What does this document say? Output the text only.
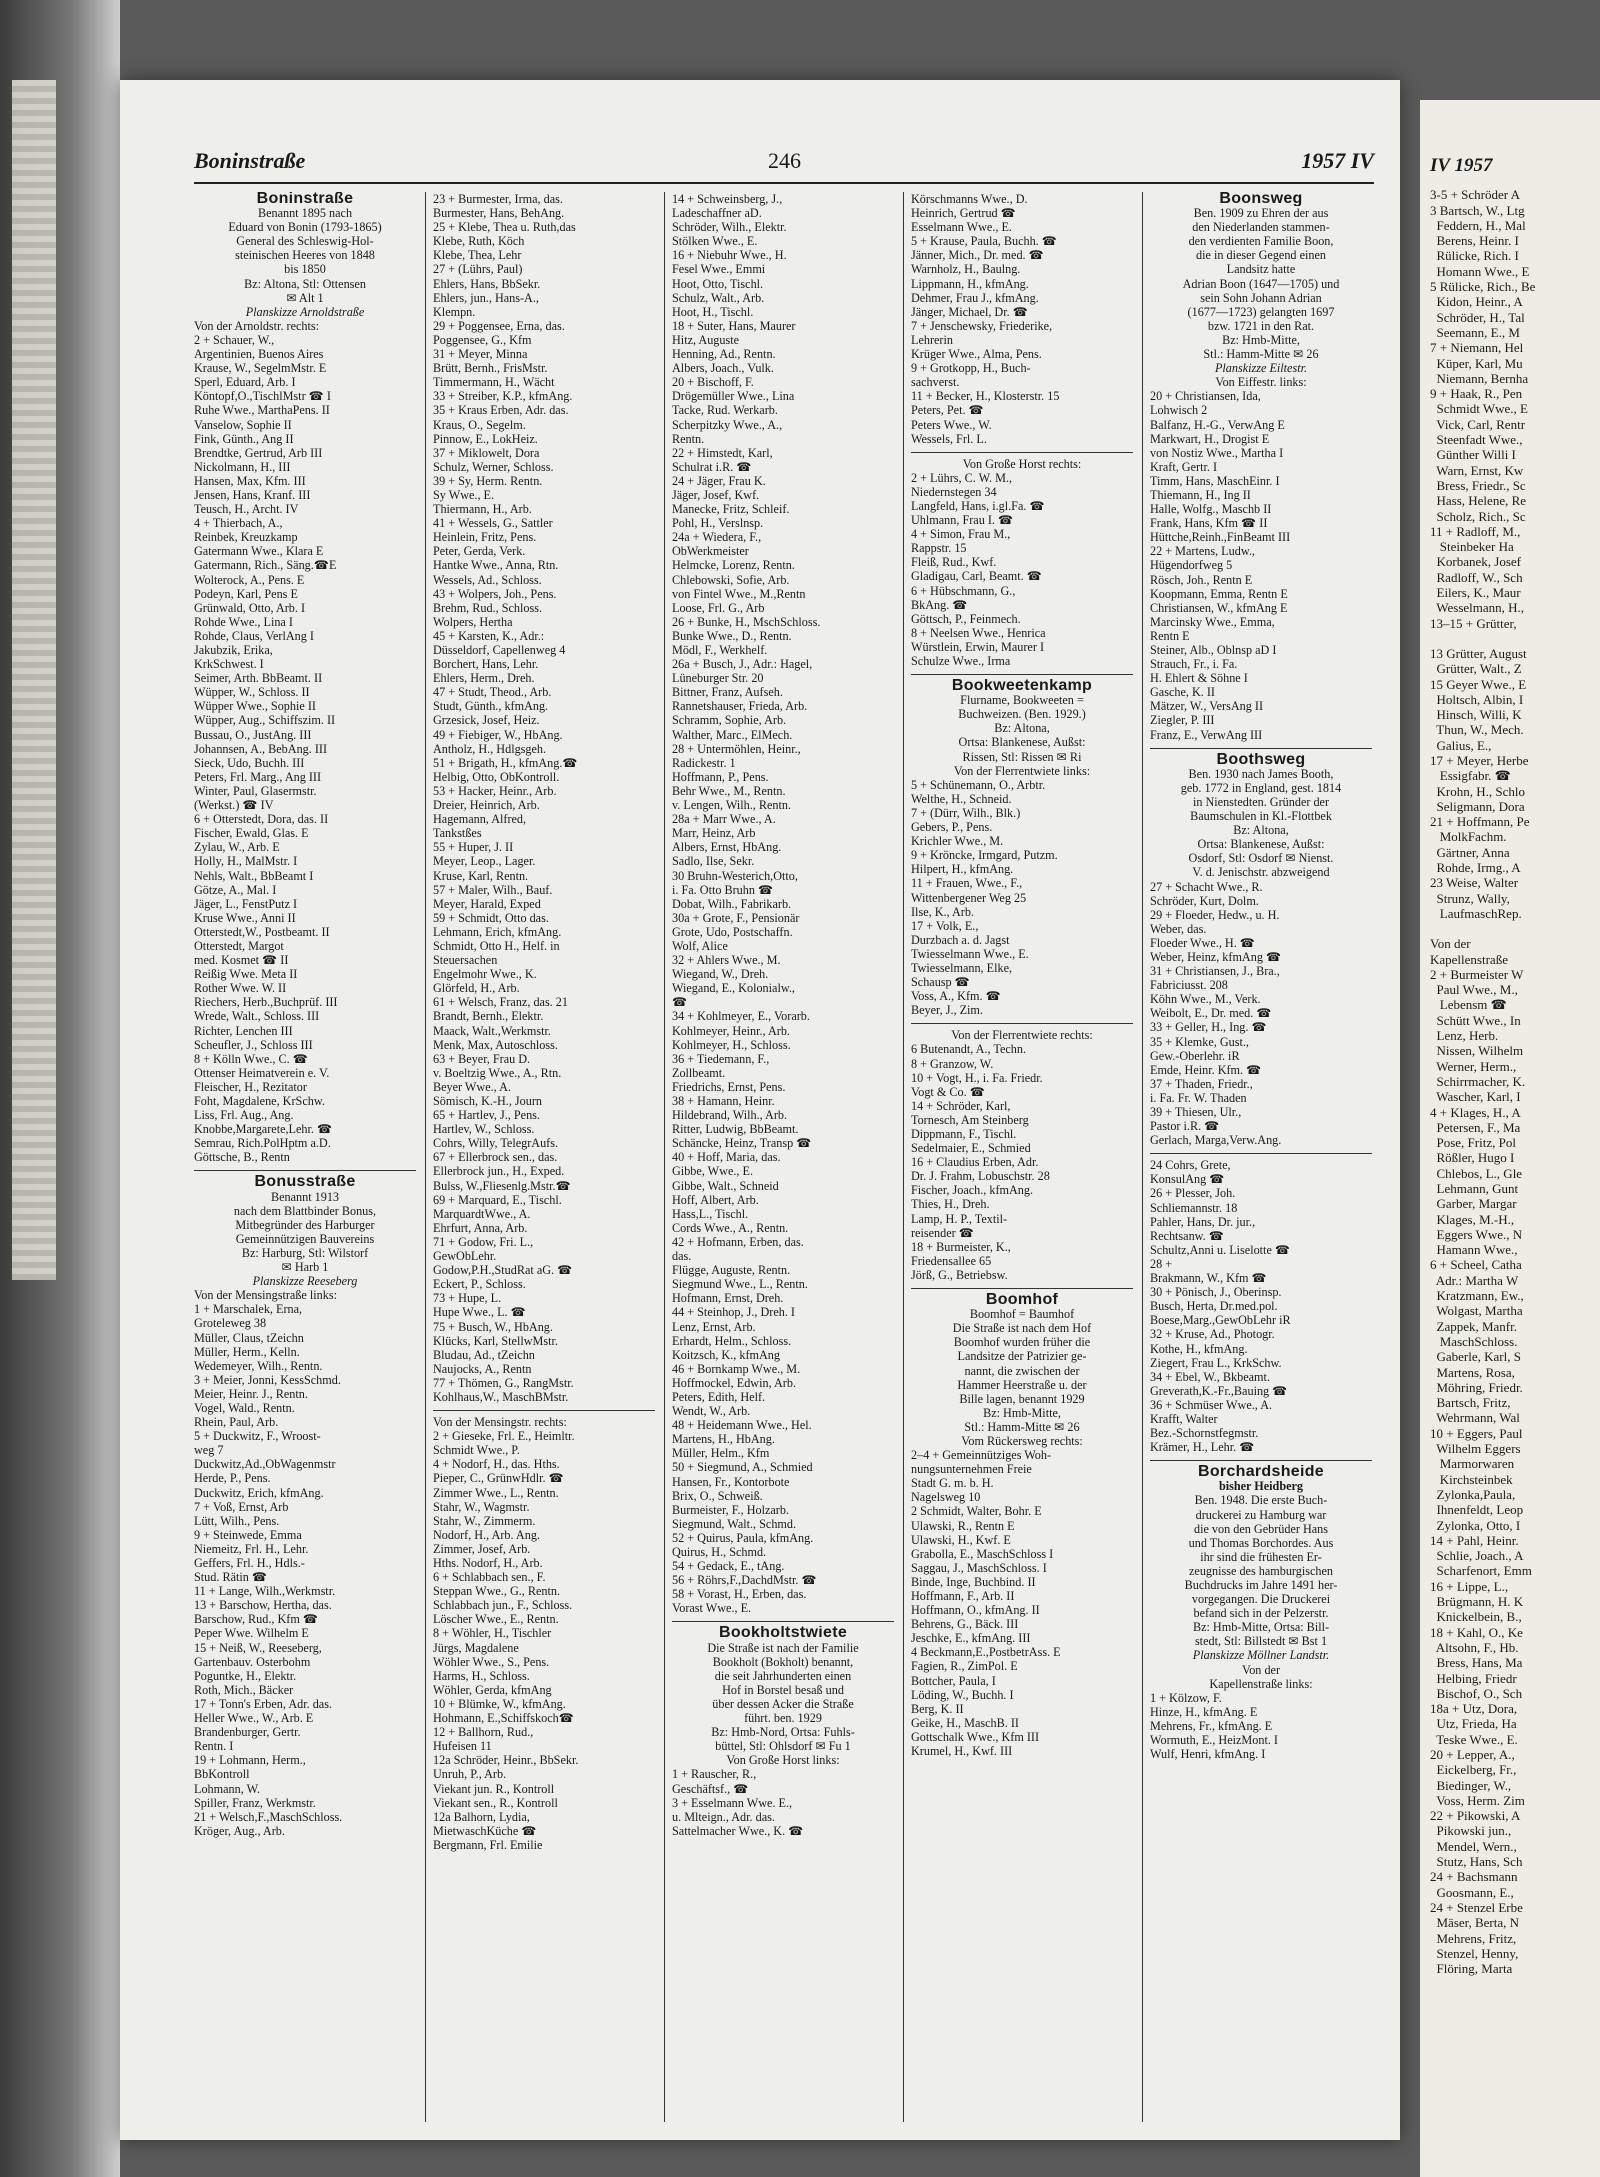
Boninstraße	246	1957 IV

Boninstraße

Benannt 1895 nach

Eduard von Bonin (1793-1865)

General des Schleswig-Hol-

steinischen Heeres von 1848

bis 1850

Bz: Altona, Stl: Ottensen

✉ Alt 1

Planskizze Arnoldstraße

Von der Arnoldstr. rechts:

2 + Schauer, W.,

Argentinien, Buenos Aires

Krause, W., SegelmMstr. E

Sperl, Eduard, Arb. I

Köntopf,O.,TischlMstr ☎ I

Ruhe Wwe., MarthaPens. II

Vanselow, Sophie II

Fink, Günth., Ang II

Brendtke, Gertrud, Arb III

Nickolmann, H., III

Hansen, Max, Kfm. III

Jensen, Hans, Kranf. III

Teusch, H., Archt. IV

4 + Thierbach, A.,

Reinbek, Kreuzkamp

Gatermann Wwe., Klara E

Gatermann, Rich., Säng.☎E

Wolterock, A., Pens. E

Podeyn, Karl, Pens E

Grünwald, Otto, Arb. I

Rohde Wwe., Lina I

Rohde, Claus, VerlAng I

Jakubzik, Erika,

KrkSchwest. I

Seimer, Arth. BbBeamt. II

Wüpper, W., Schloss. II

Wüpper Wwe., Sophie II

Wüpper, Aug., Schiffszim. II

Bussau, O., JustAng. III

Johannsen, A., BebAng. III

Sieck, Udo, Buchh. III

Peters, Frl. Marg., Ang III

Winter, Paul, Glasermstr.

(Werkst.) ☎ IV

6 + Otterstedt, Dora, das. II

Fischer, Ewald, Glas. E

Zylau, W., Arb. E

Holly, H., MalMstr. I

Nehls, Walt., BbBeamt I

Götze, A., Mal. I

Jäger, L., FenstPutz I

Kruse Wwe., Anni II

Otterstedt,W., Postbeamt. II

Otterstedt, Margot

med. Kosmet ☎ II

Reißig Wwe. Meta II

Rother Wwe. W. II

Riechers, Herb.,Buchprüf. III

Wrede, Walt., Schloss. III

Richter, Lenchen III

Scheufler, J., Schloss III

8 + Kölln Wwe., C. ☎

Ottenser Heimatverein e. V.

Fleischer, H., Rezitator

Foht, Magdalene, KrSchw.

Liss, Frl. Aug., Ang.

Knobbe,Margarete,Lehr. ☎

Semrau, Rich.PolHptm a.D.

Göttsche, B., Rentn

Bonusstraße

Benannt 1913

nach dem Blattbinder Bonus,

Mitbegründer des Harburger

Gemeinnützigen Bauvereins

Bz: Harburg, Stl: Wilstorf

✉ Harb 1

Planskizze Reeseberg

Von der Mensingstraße links:

1 + Marschalek, Erna,

Groteleweg 38

Müller, Claus, tZeichn

Müller, Herm., Kelln.

Wedemeyer, Wilh., Rentn.

3 + Meier, Jonni, KessSchmd.

Meier, Heinr. J., Rentn.

Vogel, Wald., Rentn.

Rhein, Paul, Arb.

5 + Duckwitz, F., Wroost-

weg 7

Duckwitz,Ad.,ObWagenmstr

Herde, P., Pens.

Duckwitz, Erich, kfmAng.

7 + Voß, Ernst, Arb

Lütt, Wilh., Pens.

9 + Steinwede, Emma

Niemeitz, Frl. H., Lehr.

Geffers, Frl. H., Hdls.-

Stud. Rätin ☎

11 + Lange, Wilh.,Werkmstr.

13 + Barschow, Hertha, das.

Barschow, Rud., Kfm ☎

Peper Wwe. Wilhelm E

15 + Neiß, W., Reeseberg,

Gartenbauv. Osterbohm

Poguntke, H., Elektr.

Roth, Mich., Bäcker

17 + Tonn's Erben, Adr. das.

Heller Wwe., W., Arb. E

Brandenburger, Gertr.

Rentn. I

19 + Lohmann, Herm.,

BbKontroll

Lohmann, W.

Spiller, Franz, Werkmstr.

21 + Welsch,F.,MaschSchloss.

Kröger, Aug., Arb.

23 + Burmester, Irma, das.

Burmester, Hans, BehAng.

25 + Klebe, Thea u. Ruth,das

Klebe, Ruth, Köch

Klebe, Thea, Lehr

27 + (Lührs, Paul)

Ehlers, Hans, BbSekr.

Ehlers, jun., Hans-A.,

Klempn.

29 + Poggensee, Erna, das.

Poggensee, G., Kfm

31 + Meyer, Minna

Brütt, Bernh., FrisMstr.

Timmermann, H., Wächt

33 + Streiber, K.P., kfmAng.

35 + Kraus Erben, Adr. das.

Kraus, O., Segelm.

Pinnow, E., LokHeiz.

37 + Miklowelt, Dora

Schulz, Werner, Schloss.

39 + Sy, Herm. Rentn.

Sy Wwe., E.

Thiermann, H., Arb.

41 + Wessels, G., Sattler

Heinlein, Fritz, Pens.

Peter, Gerda, Verk.

Hantke Wwe., Anna, Rtn.

Wessels, Ad., Schloss.

43 + Wolpers, Joh., Pens.

Brehm, Rud., Schloss.

Wolpers, Hertha

45 + Karsten, K., Adr.:

Düsseldorf, Capellenweg 4

Borchert, Hans, Lehr.

Ehlers, Herm., Dreh.

47 + Studt, Theod., Arb.

Studt, Günth., kfmAng.

Grzesick, Josef, Heiz.

49 + Fiebiger, W., HbAng.

Antholz, H., Hdlgsgeh.

51 + Brigath, H., kfmAng.☎

Helbig, Otto, ObKontroll.

53 + Hacker, Heinr., Arb.

Dreier, Heinrich, Arb.

Hagemann, Alfred,

Tankstßes

55 + Huper, J. II

Meyer, Leop., Lager.

Kruse, Karl, Rentn.

57 + Maler, Wilh., Bauf.

Meyer, Harald, Exped

59 + Schmidt, Otto das.

Lehmann, Erich, kfmAng.

Schmidt, Otto H., Helf. in

Steuersachen

Engelmohr Wwe., K.

Glörfeld, H., Arb.

61 + Welsch, Franz, das. 21

Brandt, Bernh., Elektr.

Maack, Walt.,Werkmstr.

Menk, Max, Autoschloss.

63 + Beyer, Frau D.

v. Boeltzig Wwe., A., Rtn.

Beyer Wwe., A.

Sömisch, K.-H., Journ

65 + Hartlev, J., Pens.

Hartlev, W., Schloss.

Cohrs, Willy, TelegrAufs.

67 + Ellerbrock sen., das.

Ellerbrock jun., H., Exped.

Bulss, W.,Fliesenlg.Mstr.☎

69 + Marquard, E., Tischl.

MarquardtWwe., A.

Ehrfurt, Anna, Arb.

71 + Godow, Fri. L.,

GewObLehr.

Godow,P.H.,StudRat aG. ☎

Eckert, P., Schloss.

73 + Hupe, L.

Hupe Wwe., L. ☎

75 + Busch, W., HbAng.

Klücks, Karl, StellwMstr.

Bludau, Ad., tZeichn

Naujocks, A., Rentn

77 + Thömen, G., RangMstr.

Kohlhaus,W., MaschBMstr.

Von der Mensingstr. rechts:

2 + Gieseke, Frl. E., Heimltr.

Schmidt Wwe., P.

4 + Nodorf, H., das. Hths.

Pieper, C., GrünwHdlr. ☎

Zimmer Wwe., L., Rentn.

Stahr, W., Wagmstr.

Stahr, W., Zimmerm.

Nodorf, H., Arb. Ang.

Zimmer, Josef, Arb.

Hths. Nodorf, H., Arb.

6 + Schlabbach sen., F.

Steppan Wwe., G., Rentn.

Schlabbach jun., F., Schloss.

Löscher Wwe., E., Rentn.

8 + Wöhler, H., Tischler

Jürgs, Magdalene

Wöhler Wwe., S., Pens.

Harms, H., Schloss.

Wöhler, Gerda, kfmAng

10 + Blümke, W., kfmAng.

Hohmann, E.,Schiffskoch☎

12 + Ballhorn, Rud.,

Hufeisen 11

12a Schröder, Heinr., BbSekr.

Unruh, P., Arb.

Viekant jun. R., Kontroll

Viekant sen., R., Kontroll

12a Balhorn, Lydia,

MietwaschKüche ☎

Bergmann, Frl. Emilie

14 + Schweinsberg, J.,

Ladeschaffner aD.

Schröder, Wilh., Elektr.

Stölken Wwe., E.

16 + Niebuhr Wwe., H.

Fesel Wwe., Emmi

Hoot, Otto, Tischl.

Schulz, Walt., Arb.

Hoot, H., Tischl.

18 + Suter, Hans, Maurer

Hitz, Auguste

Henning, Ad., Rentn.

Albers, Joach., Vulk.

20 + Bischoff, F.

Drögemüller Wwe., Lina

Tacke, Rud. Werkarb.

Scherpitzky Wwe., A.,

Rentn.

22 + Himstedt, Karl,

Schulrat i.R. ☎

24 + Jäger, Frau K.

Jäger, Josef, Kwf.

Manecke, Fritz, Schleif.

Pohl, H., Verslnsp.

24a + Wiedera, F.,

ObWerkmeister

Helmcke, Lorenz, Rentn.

Chlebowski, Sofie, Arb.

von Fintel Wwe., M.,Rentn

Loose, Frl. G., Arb

26 + Bunke, H., MschSchloss.

Bunke Wwe., D., Rentn.

Mödl, F., Werkhelf.

26a + Busch, J., Adr.: Hagel,

Lüneburger Str. 20

Bittner, Franz, Aufseh.

Rannetshauser, Frieda, Arb.

Schramm, Sophie, Arb.

Walther, Marc., ElMech.

28 + Untermöhlen, Heinr.,

Radickestr. 1

Hoffmann, P., Pens.

Behr Wwe., M., Rentn.

v. Lengen, Wilh., Rentn.

28a + Marr Wwe., A.

Marr, Heinz, Arb

Albers, Ernst, HbAng.

Sadlo, Ilse, Sekr.

30 Bruhn-Westerich,Otto,

i. Fa. Otto Bruhn ☎

Dobat, Wilh., Fabrikarb.

30a + Grote, F., Pensionär

Grote, Udo, Postschaffn.

Wolf, Alice

32 + Ahlers Wwe., M.

Wiegand, W., Dreh.

Wiegand, E., Kolonialw.,

☎

34 + Kohlmeyer, E., Vorarb.

Kohlmeyer, Heinr., Arb.

Kohlmeyer, H., Schloss.

36 + Tiedemann, F.,

Zollbeamt.

Friedrichs, Ernst, Pens.

38 + Hamann, Heinr.

Hildebrand, Wilh., Arb.

Ritter, Ludwig, BbBeamt.

Schäncke, Heinz, Transp ☎

40 + Hoff, Maria, das.

Gibbe, Wwe., E.

Gibbe, Walt., Schneid

Hoff, Albert, Arb.

Hass,L., Tischl.

Cords Wwe., A., Rentn.

42 + Hofmann, Erben, das.

das.

Flügge, Auguste, Rentn.

Siegmund Wwe., L., Rentn.

Hofmann, Ernst, Dreh.

44 + Steinhop, J., Dreh. I

Lenz, Ernst, Arb.

Erhardt, Helm., Schloss.

Koitzsch, K., kfmAng

46 + Bornkamp Wwe., M.

Hoffmockel, Edwin, Arb.

Peters, Edith, Helf.

Wendt, W., Arb.

48 + Heidemann Wwe., Hel.

Martens, H., HbAng.

Müller, Helm., Kfm

50 + Siegmund, A., Schmied

Hansen, Fr., Kontorbote

Brix, O., Schweiß.

Burmeister, F., Holzarb.

Siegmund, Walt., Schmd.

52 + Quirus, Paula, kfmAng.

Quirus, H., Schmd.

54 + Gedack, E., tAng.

56 + Röhrs,F.,DachdMstr. ☎

58 + Vorast, H., Erben, das.

Vorast Wwe., E.

Bookholtstwiete

Die Straße ist nach der Familie

Bookholt (Bokholt) benannt,

die seit Jahrhunderten einen

Hof in Borstel besaß und

über dessen Acker die Straße

führt. ben. 1929

Bz: Hmb-Nord, Ortsa: Fuhls-

büttel, Stl: Ohlsdorf ✉ Fu 1

Von Große Horst links:

1 + Rauscher, R.,

Geschäftsf., ☎

3 + Esselmann Wwe. E.,

u. Mlteign., Adr. das.

Sattelmacher Wwe., K. ☎

Körschmanns Wwe., D.

Heinrich, Gertrud ☎

Esselmann Wwe., E.

5 + Krause, Paula, Buchh. ☎

Jänner, Mich., Dr. med. ☎

Warnholz, H., Baulng.

Lippmann, H., kfmAng.

Dehmer, Frau J., kfmAng.

Jänger, Michael, Dr. ☎

7 + Jenschewsky, Friederike,

Lehrerin

Krüger Wwe., Alma, Pens.

9 + Grotkopp, H., Buch-

sachverst.

11 + Becker, H., Klosterstr. 15

Peters, Pet. ☎

Peters Wwe., W.

Wessels, Frl. L.

Von Große Horst rechts:

2 + Lührs, C. W. M.,

Niedernstegen 34

Langfeld, Hans, i.gl.Fa. ☎

Uhlmann, Frau I. ☎

4 + Simon, Frau M.,

Rappstr. 15

Fleiß, Rud., Kwf.

Gladigau, Carl, Beamt. ☎

6 + Hübschmann, G.,

BkAng. ☎

Göttsch, P., Feinmech.

8 + Neelsen Wwe., Henrica

Würstlein, Erwin, Maurer I

Schulze Wwe., Irma

Bookweetenkamp

Flurname, Bookweeten =

Buchweizen. (Ben. 1929.)

Bz: Altona,

Ortsa: Blankenese, Außst:

Rissen, Stl: Rissen ✉ Ri

Von der Flerrentwiete links:

5 + Schünemann, O., Arbtr.

Welthe, H., Schneid.

7 + (Dürr, Wilh., Blk.)

Gebers, P., Pens.

Krichler Wwe., M.

9 + Kröncke, Irmgard, Putzm.

Hilpert, H., kfmAng.

11 + Frauen, Wwe., F.,

Wittenbergener Weg 25

Ilse, K., Arb.

17 + Volk, E.,

Durzbach a. d. Jagst

Twiesselmann Wwe., E.

Twiesselmann, Elke,

Schausp ☎

Voss, A., Kfm. ☎

Beyer, J., Zim.

Von der Flerrentwiete rechts:

6 Butenandt, A., Techn.

8 + Granzow, W.

10 + Vogt, H., i. Fa. Friedr.

Vogt & Co. ☎

14 + Schröder, Karl,

Tornesch, Am Steinberg

Dippmann, F., Tischl.

Sedelmaier, E., Schmied

16 + Claudius Erben, Adr.

Dr. J. Frahm, Lobuschstr. 28

Fischer, Joach., kfmAng.

Thies, H., Dreh.

Lamp, H. P., Textil-

reisender ☎

18 + Burmeister, K.,

Friedensallee 65

Jörß, G., Betriebsw.

Boomhof

Boomhof = Baumhof

Die Straße ist nach dem Hof

Boomhof wurden früher die

Landsitze der Patrizier ge-

nannt, die zwischen der

Hammer Heerstraße u. der

Bille lagen, benannt 1929

Bz: Hmb-Mitte,

Stl.: Hamm-Mitte ✉ 26

Vom Rückersweg rechts:

2–4 + Gemeinnütziges Woh-

nungsunternehmen Freie

Stadt G. m. b. H.

Nagelsweg 10

2 Schmidt, Walter, Bohr. E

Ulawski, R., Rentn E

Ulawski, H., Kwf. E

Grabolla, E., MaschSchloss I

Saggau, J., MaschSchloss. I

Binde, Inge, Buchbind. II

Hoffmann, F., Arb. II

Hoffmann, O., kfmAng. II

Behrens, G., Bäck. III

Jeschke, E., kfmAng. III

4 Beckmann,E.,PostbetrAss. E

Fagien, R., ZimPol. E

Bottcher, Paula, I

Löding, W., Buchh. I

Berg, K. II

Geike, H., MaschB. II

Gottschalk Wwe., Kfm III

Krumel, H., Kwf. III

Boonsweg

Ben. 1909 zu Ehren der aus

den Niederlanden stammen-

den verdienten Familie Boon,

die in dieser Gegend einen

Landsitz hatte

Adrian Boon (1647—1705) und

sein Sohn Johann Adrian

(1677—1723) gelangten 1697

bzw. 1721 in den Rat.

Bz: Hmb-Mitte,

Stl.: Hamm-Mitte ✉ 26

Planskizze Eiltestr.

Von Eiffestr. links:

20 + Christiansen, Ida,

Lohwisch 2

Balfanz, H.-G., VerwAng E

Markwart, H., Drogist E

von Nostiz Wwe., Martha I

Kraft, Gertr. I

Timm, Hans, MaschEinr. I

Thiemann, H., Ing II

Halle, Wolfg., Maschb II

Frank, Hans, Kfm ☎ II

Hüttche,Reinh.,FinBeamt III

22 + Martens, Ludw.,

Hügendorfweg 5

Rösch, Joh., Rentn E

Koopmann, Emma, Rentn E

Christiansen, W., kfmAng E

Marcinsky Wwe., Emma,

Rentn E

Steiner, Alb., Oblnsp aD I

Strauch, Fr., i. Fa.

H. Ehlert & Söhne I

Gasche, K. II

Mätzer, W., VersAng II

Ziegler, P. III

Franz, E., VerwAng III

Boothsweg

Ben. 1930 nach James Booth,

geb. 1772 in England, gest. 1814

in Nienstedten. Gründer der

Baumschulen in Kl.-Flottbek

Bz: Altona,

Ortsa: Blankenese, Außst:

Osdorf, Stl: Osdorf ✉ Nienst.

V. d. Jenischstr. abzweigend

27 + Schacht Wwe., R.

Schröder, Kurt, Dolm.

29 + Floeder, Hedw., u. H.

Weber, das.

Floeder Wwe., H. ☎

Weber, Heinz, kfmAng ☎

31 + Christiansen, J., Bra.,

Fabriciusst. 208

Köhn Wwe., M., Verk.

Weibolt, E., Dr. med. ☎

33 + Geller, H., Ing. ☎

35 + Klemke, Gust.,

Gew.-Oberlehr. iR

Emde, Heinr. Kfm. ☎

37 + Thaden, Friedr.,

i. Fa. Fr. W. Thaden

39 + Thiesen, Ulr.,

Pastor i.R. ☎

Gerlach, Marga,Verw.Ang.

24 Cohrs, Grete,

KonsulAng ☎

26 + Plesser, Joh.

Schliemannstr. 18

Pahler, Hans, Dr. jur.,

Rechtsanw. ☎

Schultz,Anni u. Liselotte ☎

28 +

Brakmann, W., Kfm ☎

30 + Pönisch, J., Oberinsp.

Busch, Herta, Dr.med.pol.

Boese,Marg.,GewObLehr iR

32 + Kruse, Ad., Photogr.

Kothe, H., kfmAng.

Ziegert, Frau L., KrkSchw.

34 + Ebel, W., Bkbeamt.

Greverath,K.-Fr.,Bauing ☎

36 + Schmüser Wwe., A.

Krafft, Walter

Bez.-Schornstfegmstr.

Krämer, H., Lehr. ☎

Borchardsheide

bisher Heidberg

Ben. 1948. Die erste Buch-

druckerei zu Hamburg war

die von den Gebrüder Hans

und Thomas Borchordes. Aus

ihr sind die frühesten Er-

zeugnisse des hamburgischen

Buchdrucks im Jahre 1491 her-

vorgegangen. Die Druckerei

befand sich in der Pelzerstr.

Bz: Hmb-Mitte, Ortsa: Bill-

stedt, Stl: Billstedt ✉ Bst 1

Planskizze Möllner Landstr.

Von der

Kapellenstraße links:

1 + Kölzow, F.

Hinze, H., kfmAng. E

Mehrens, Fr., kfmAng. E

Wormuth, E., HeizMont. I

Wulf, Henri, kfmAng. I

IV 1957
3-5 + Schröder A
3 Bartsch, W., Ltg
Feddern, H., Mal
Berens, Heinr. I
Rülicke, Rich. I
Homann Wwe., E
5 Rülicke, Rich., Be
Kidon, Heinr., A
Schröder, H., Tal
Seemann, E., M
7 + Niemann, Hel
Küper, Karl, Mu
Niemann, Bernha
9 + Haak, R., Pen
Schmidt Wwe., E
Vick, Carl, Rentr
Steenfadt Wwe.,
Günther Willi I
Warn, Ernst, Kw
Bress, Friedr., Sc
Hass, Helene, Re
Scholz, Rich., Sc
11 + Radloff, M.,
Steinbeker Ha
Korbanek, Josef
Radloff, W., Sch
Eilers, K., Maur
Wesselmann, H.,
13–15 + Grütter,
13 Grütter, August
Grütter, Walt., Z
15 Geyer Wwe., E
Holtsch, Albin, I
Hinsch, Willi, K
Thun, W., Mech.
Galius, E.,
17 + Meyer, Herbe
Essigfabr. ☎
Krohn, H., Schlo
Seligmann, Dora
21 + Hoffmann, Pe
MolkFachm.
Gärtner, Anna
Rohde, Irmg., A
23 Weise, Walter
Strunz, Wally,
LaufmaschRep.
Von der
Kapellenstraße
2 + Burmeister W
Paul Wwe., M.,
Lebensm ☎
Schütt Wwe., In
Lenz, Herb.
Nissen, Wilhelm
Werner, Herm.,
Schirrmacher, K.
Wascher, Karl, I
4 + Klages, H., A
Petersen, F., Ma
Pose, Fritz, Pol
Rößler, Hugo I
Chlebos, L., Gle
Lehmann, Gunt
Garber, Margar
Klages, M.-H.,
Eggers Wwe., N
Hamann Wwe.,
6 + Scheel, Catha
Adr.: Martha W
Kratzmann, Ew.,
Wolgast, Martha
Zappek, Manfr.
MaschSchloss.
Gaberle, Karl, S
Martens, Rosa,
Möhring, Friedr.
Bartsch, Fritz,
Wehrmann, Wal
10 + Eggers, Paul
Wilhelm Eggers
Marmorwaren
Kirchsteinbek
Zylonka,Paula,
Ihnenfeldt, Leop
Zylonka, Otto, I
14 + Pahl, Heinr.
Schlie, Joach., A
Scharfenort, Emm
16 + Lippe, L.,
Brügmann, H. K
Knickelbein, B.,
18 + Kahl, O., Ke
Altsohn, F., Hb.
Bress, Hans, Ma
Helbing, Friedr
Bischof, O., Sch
18a + Utz, Dora,
Utz, Frieda, Ha
Teske Wwe., E.
20 + Lepper, A.,
Eickelberg, Fr.,
Biedinger, W.,
Voss, Herm. Zim
22 + Pikowski, A
Pikowski jun.,
Mendel, Wern.,
Stutz, Hans, Sch
24 + Bachsmann
Goosmann, E.,
24 + Stenzel Erbe
Mäser, Berta, N
Mehrens, Fritz,
Stenzel, Henny,
Flöring, Marta
